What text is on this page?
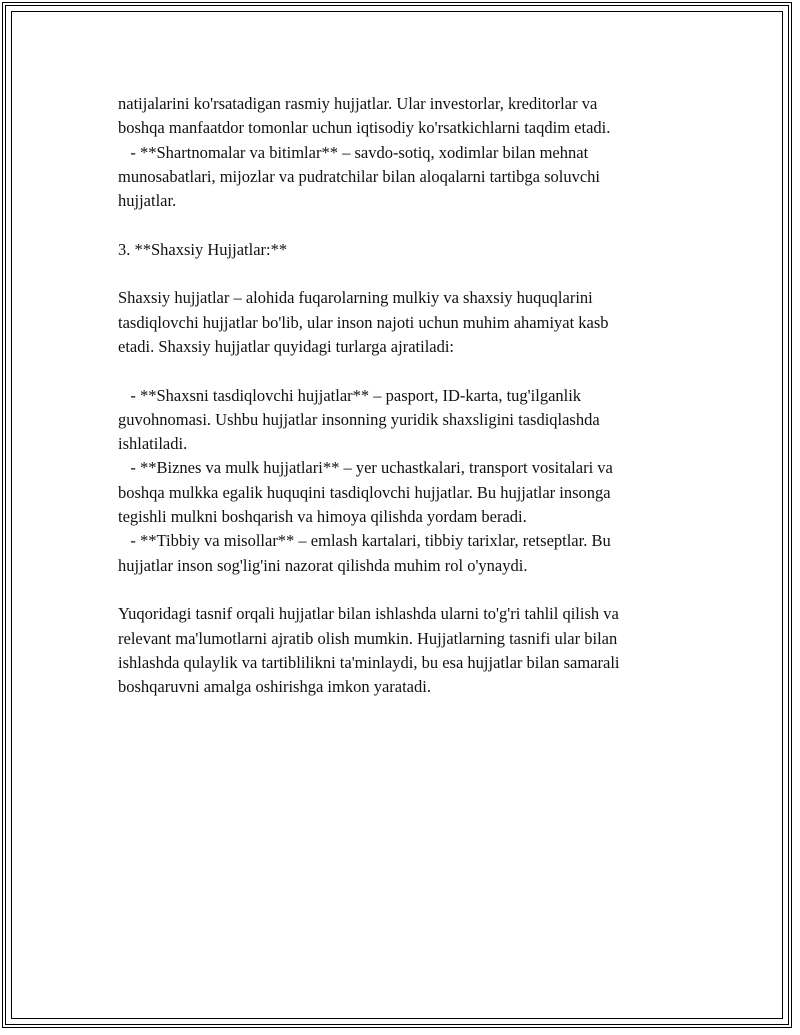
natijalarini ko'rsatadigan rasmiy hujjatlar. Ular investorlar, kreditorlar va
boshqa manfaatdor tomonlar uchun iqtisodiy ko'rsatkichlarni taqdim etadi.
- **Shartnomalar va bitimlar** – savdo-sotiq, xodimlar bilan mehnat
munosabatlari, mijozlar va pudratchilar bilan aloqalarni tartibga soluvchi
hujjatlar.
3. **Shaxsiy Hujjatlar:**
Shaxsiy hujjatlar – alohida fuqarolarning mulkiy va shaxsiy huquqlarini
tasdiqlovchi hujjatlar bo'lib, ular inson najoti uchun muhim ahamiyat kasb
etadi. Shaxsiy hujjatlar quyidagi turlarga ajratiladi:
- **Shaxsni tasdiqlovchi hujjatlar** – pasport, ID-karta, tug'ilganlik
guvohnomasi. Ushbu hujjatlar insonning yuridik shaxsligini tasdiqlashda
ishlatiladi.
- **Biznes va mulk hujjatlari** – yer uchastkalari, transport vositalari va
boshqa mulkka egalik huquqini tasdiqlovchi hujjatlar. Bu hujjatlar insonga
tegishli mulkni boshqarish va himoya qilishda yordam beradi.
- **Tibbiy va misollar** – emlash kartalari, tibbiy tarixlar, retseptlar. Bu
hujjatlar inson sog'lig'ini nazorat qilishda muhim rol o'ynaydi.
Yuqoridagi tasnif orqali hujjatlar bilan ishlashda ularni to'g'ri tahlil qilish va
relevant ma'lumotlarni ajratib olish mumkin. Hujjatlarning tasnifi ular bilan
ishlashda qulaylik va tartiblilikni ta'minlaydi, bu esa hujjatlar bilan samarali
boshqaruvni amalga oshirishga imkon yaratadi.
